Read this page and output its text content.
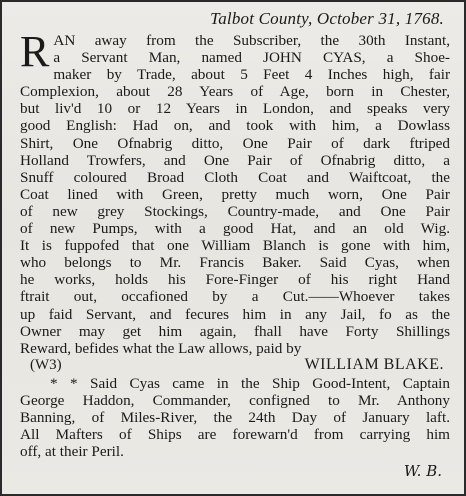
Talbot County, October 31, 1768.
R AN away from the Subscriber, the 30th Instant,
a Servant Man, named JOHN CYAS, a Shoe-
maker by Trade, about 5 Feet 4 Inches high, fair
Complexion, about 28 Years of Age, born in Chester,
but liv'd 10 or 12 Years in London, and speaks very
good English: Had on, and took with him, a Dowlass
Shirt, One Ofnabrig ditto, One Pair of dark ftriped
Holland Trowfers, and One Pair of Ofnabrig ditto, a
Snuff coloured Broad Cloth Coat and Waiftcoat, the
Coat lined with Green, pretty much worn, One Pair
of new grey Stockings, Country-made, and One Pair
of new Pumps, with a good Hat, and an old Wig.
It is fuppofed that one William Blanch is gone with him,
who belongs to Mr. Francis Baker. Said Cyas, when
he works, holds his Fore-Finger of his right Hand
ftrait out, occafioned by a Cut.——Whoever takes
up faid Servant, and fecures him in any Jail, fo as the
Owner may get him again, fhall have Forty Shillings
Reward, befides what the Law allows, paid by
(W3)	WILLIAM BLAKE.
* * Said Cyas came in the Ship Good-Intent, Captain
George Haddon, Commander, configned to Mr. Anthony
Banning, of Miles-River, the 24th Day of January laft.
All Mafters of Ships are forewarn'd from carrying him
off, at their Peril.
W. B.
